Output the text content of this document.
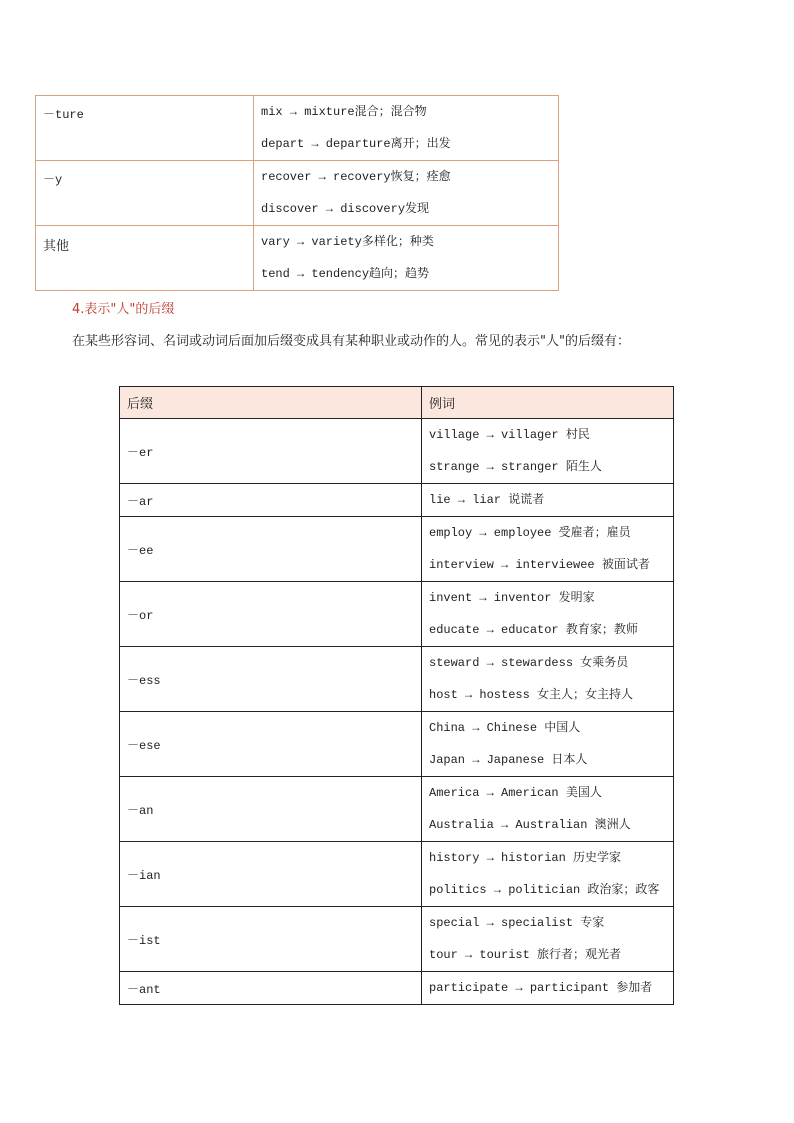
－ture	mix → mixture混合；混合物
depart → departure离开；出发

－y	recover → recovery恢复；痊愈
discover → discovery发现

其他	vary → variety多样化；种类
tend → tendency趋向；趋势
4.表示"人"的后缀
在某些形容词、名词或动词后面加后缀变成具有某种职业或动作的人。常见的表示"人"的后缀有：
后缀	例词
－er	village → villager 村民
strange → stranger 陌生人

－ar	lie → liar 说谎者

－ee	employ → employee 受雇者；雇员
interview → interviewee 被面试者

－or	invent → inventor 发明家
educate → educator 教育家；教师

－ess	steward → stewardess 女乘务员
host → hostess 女主人；女主持人

－ese	China → Chinese 中国人
Japan → Japanese 日本人

－an	America → American 美国人
Australia → Australian 澳洲人

－ian	history → historian 历史学家
politics → politician 政治家；政客

－ist	special → specialist 专家
tour → tourist 旅行者；观光者

－ant	participate → participant 参加者
